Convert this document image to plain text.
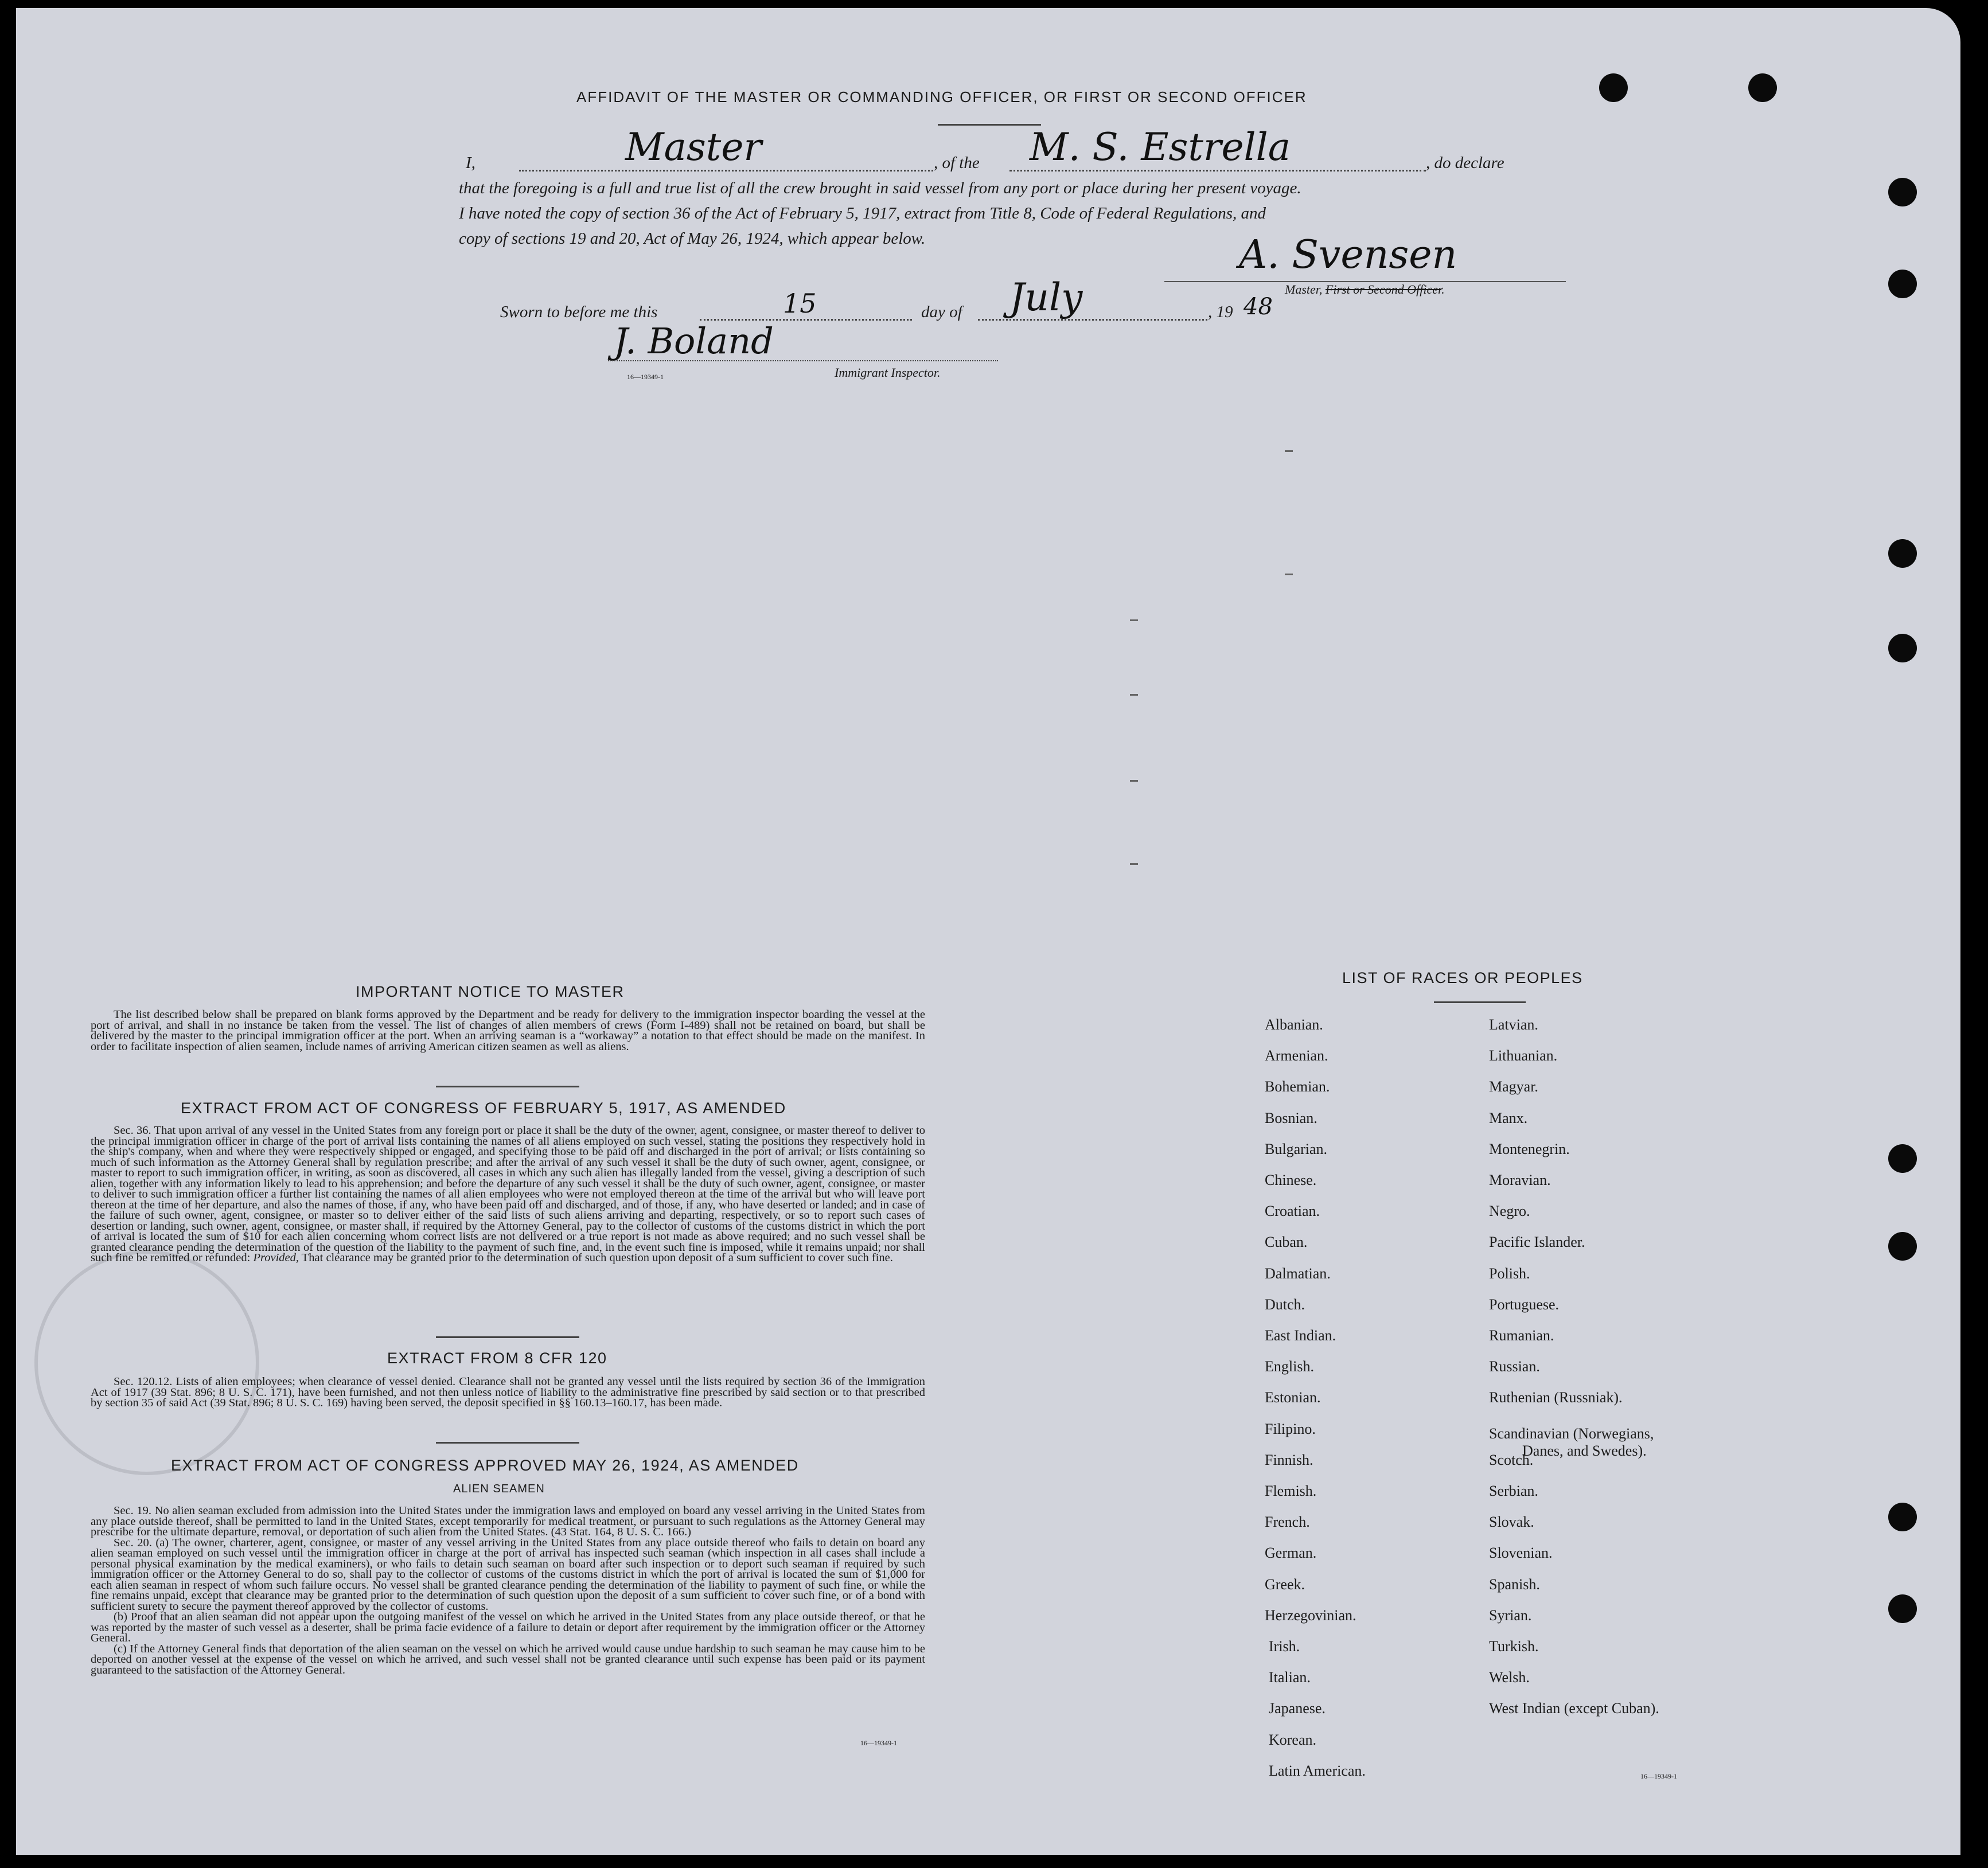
AFFIDAVIT OF THE MASTER OR COMMANDING OFFICER, OR FIRST OR SECOND OFFICER
I,	Master	, of the M. S. Estrella	, do declare
that the foregoing is a full and true list of all the crew brought in said vessel from any port or place during her present voyage.
I have noted the copy of section 36 of the Act of February 5, 1917, extract from Title 8, Code of Federal Regulations, and
copy of sections 19 and 20, Act of May 26, 1924, which appear below.	A. Svensen
Master, First or Second Officer.
Sworn to before me this	15	day of July	, 19 48
J. Boland
16—19349-1	Immigrant Inspector.
IMPORTANT NOTICE TO MASTER
The list described below shall be prepared on blank forms approved by the Department and be ready for delivery to the immigration inspector boarding the vessel at the port of arrival, and shall in no instance be taken from the vessel. The list of changes of alien members of crews (Form I-489) shall not be retained on board, but shall be delivered by the master to the principal immigration officer at the port. When an arriving seaman is a “workaway” a notation to that effect should be made on the manifest. In order to facilitate inspection of alien seamen, include names of arriving American citizen seamen as well as aliens.
EXTRACT FROM ACT OF CONGRESS OF FEBRUARY 5, 1917, AS AMENDED
Sec. 36. That upon arrival of any vessel in the United States from any foreign port or place it shall be the duty of the owner, agent, consignee, or master thereof to deliver to the principal immigration officer in charge of the port of arrival lists containing the names of all aliens employed on such vessel, stating the positions they respectively hold in the ship's company, when and where they were respectively shipped or engaged, and specifying those to be paid off and discharged in the port of arrival; or lists containing so much of such information as the Attorney General shall by regulation prescribe; and after the arrival of any such vessel it shall be the duty of such owner, agent, consignee, or master to report to such immigration officer, in writing, as soon as discovered, all cases in which any such alien has illegally landed from the vessel, giving a description of such alien, together with any information likely to lead to his apprehension; and before the departure of any such vessel it shall be the duty of such owner, agent, consignee, or master to deliver to such immigration officer a further list containing the names of all alien employees who were not employed thereon at the time of the arrival but who will leave port thereon at the time of her departure, and also the names of those, if any, who have been paid off and discharged, and of those, if any, who have deserted or landed; and in case of the failure of such owner, agent, consignee, or master so to deliver either of the said lists of such aliens arriving and departing, respectively, or so to report such cases of desertion or landing, such owner, agent, consignee, or master shall, if required by the Attorney General, pay to the collector of customs of the customs district in which the port of arrival is located the sum of $10 for each alien concerning whom correct lists are not delivered or a true report is not made as above required; and no such vessel shall be granted clearance pending the determination of the question of the liability to the payment of such fine, and, in the event such fine is imposed, while it remains unpaid; nor shall such fine be remitted or refunded: Provided, That clearance may be granted prior to the determination of such question upon deposit of a sum sufficient to cover such fine.
EXTRACT FROM 8 CFR 120
Sec. 120.12. Lists of alien employees; when clearance of vessel denied. Clearance shall not be granted any vessel until the lists required by section 36 of the Immigration Act of 1917 (39 Stat. 896; 8 U. S. C. 171), have been furnished, and not then unless notice of liability to the administrative fine prescribed by said section or to that prescribed by section 35 of said Act (39 Stat. 896; 8 U. S. C. 169) having been served, the deposit specified in §§ 160.13–160.17, has been made.
EXTRACT FROM ACT OF CONGRESS APPROVED MAY 26, 1924, AS AMENDED
ALIEN SEAMEN

Sec. 19. No alien seaman excluded from admission into the United States under the immigration laws and employed on board any vessel arriving in the United States from any place outside thereof, shall be permitted to land in the United States, except temporarily for medical treatment, or pursuant to such regulations as the Attorney General may prescribe for the ultimate departure, removal, or deportation of such alien from the United States. (43 Stat. 164, 8 U. S. C. 166.)

Sec. 20. (a) The owner, charterer, agent, consignee, or master of any vessel arriving in the United States from any place outside thereof who fails to detain on board any alien seaman employed on such vessel until the immigration officer in charge at the port of arrival has inspected such seaman (which inspection in all cases shall include a personal physical examination by the medical examiners), or who fails to detain such seaman on board after such inspection or to deport such seaman if required by such immigration officer or the Attorney General to do so, shall pay to the collector of customs of the customs district in which the port of arrival is located the sum of $1,000 for each alien seaman in respect of whom such failure occurs. No vessel shall be granted clearance pending the determination of the liability to payment of such fine, or while the fine remains unpaid, except that clearance may be granted prior to the determination of such question upon the deposit of a sum sufficient to cover such fine, or of a bond with sufficient surety to secure the payment thereof approved by the collector of customs.

(b) Proof that an alien seaman did not appear upon the outgoing manifest of the vessel on which he arrived in the United States from any place outside thereof, or that he was reported by the master of such vessel as a deserter, shall be prima facie evidence of a failure to detain or deport after requirement by the immigration officer or the Attorney General.

(c) If the Attorney General finds that deportation of the alien seaman on the vessel on which he arrived would cause undue hardship to such seaman he may cause him to be deported on another vessel at the expense of the vessel on which he arrived, and such vessel shall not be granted clearance until such expense has been paid or its payment guaranteed to the satisfaction of the Attorney General.

16—19349-1
LIST OF RACES OR PEOPLES
Albanian.
Armenian.
Bohemian.
Bosnian.
Bulgarian.
Chinese.
Croatian.
Cuban.
Dalmatian.
Dutch.
East Indian.
English.
Estonian.
Filipino.
Finnish.
Flemish.
French.
German.
Greek.
Herzegovinian.
Irish.
Italian.
Japanese.
Korean.
Latin American.
Latvian.
Lithuanian.
Magyar.
Manx.
Montenegrin.
Moravian.
Negro.
Pacific Islander.
Polish.
Portuguese.
Rumanian.
Russian.
Ruthenian (Russniak).
Scandinavian (Norwegians,
Danes, and Swedes).
Scotch.
Serbian.
Slovak.
Slovenian.
Spanish.
Syrian.
Turkish.
Welsh.
West Indian (except Cuban).
16—19349-1
